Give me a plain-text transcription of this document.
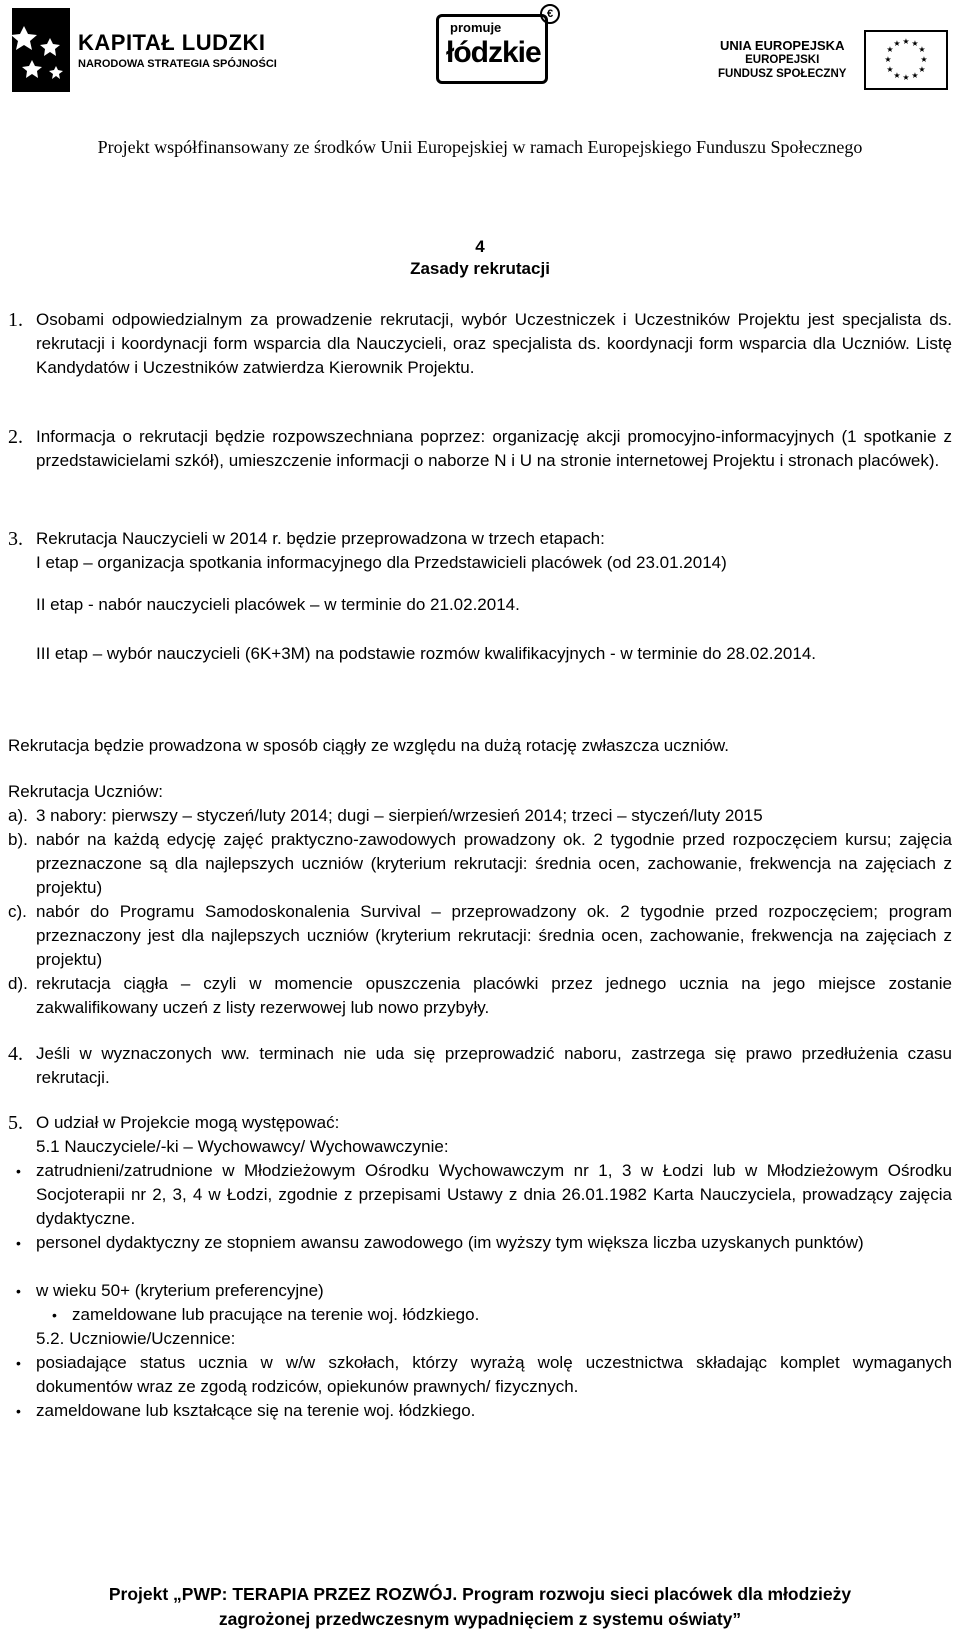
KAPITAŁ LUDZKI
NARODOWA STRATEGIA SPÓJNOŚCI
promuje
łódzkie
€
UNIA EUROPEJSKA
EUROPEJSKI
FUNDUSZ SPOŁECZNY
★ ★
★
★
★
★
★
★
★
★
★
★
Projekt współfinansowany ze środków Unii Europejskiej w ramach Europejskiego Funduszu Społecznego
4
Zasady rekrutacji
1. Osobami odpowiedzialnym za prowadzenie rekrutacji, wybór Uczestniczek i Uczestników Projektu jest specjalista ds. rekrutacji i koordynacji form wsparcia dla Nauczycieli, oraz specjalista ds. koordynacji form wsparcia dla Uczniów. Listę Kandydatów i Uczestników zatwierdza Kierownik Projektu.
2. Informacja o rekrutacji będzie rozpowszechniana poprzez: organizację akcji promocyjno-informacyjnych (1 spotkanie z przedstawicielami szkół), umieszczenie informacji o naborze N i U na stronie internetowej Projektu i stronach placówek).
3. Rekrutacja Nauczycieli w 2014 r. będzie przeprowadzona w trzech etapach:
I etap – organizacja spotkania informacyjnego dla Przedstawicieli placówek (od 23.01.2014)
II etap - nabór nauczycieli placówek – w terminie do 21.02.2014.
III etap – wybór nauczycieli (6K+3M) na podstawie rozmów kwalifikacyjnych - w terminie do 28.02.2014.
Rekrutacja będzie prowadzona w sposób ciągły ze względu na dużą rotację zwłaszcza uczniów.
Rekrutacja Uczniów:
a). 3 nabory: pierwszy – styczeń/luty 2014; dugi – sierpień/wrzesień 2014; trzeci – styczeń/luty 2015
b). nabór na każdą edycję zajęć praktyczno-zawodowych prowadzony ok. 2 tygodnie przed rozpoczęciem kursu; zajęcia przeznaczone są dla najlepszych uczniów (kryterium rekrutacji: średnia ocen, zachowanie, frekwencja na zajęciach z projektu)
c). nabór do Programu Samodoskonalenia Survival – przeprowadzony ok. 2 tygodnie przed rozpoczęciem; program przeznaczony jest dla najlepszych uczniów (kryterium rekrutacji: średnia ocen, zachowanie, frekwencja na zajęciach z projektu)
d). rekrutacja ciągła – czyli w momencie opuszczenia placówki przez jednego ucznia na jego miejsce zostanie zakwalifikowany uczeń z listy rezerwowej lub nowo przybyły.
4. Jeśli w wyznaczonych ww. terminach nie uda się przeprowadzić naboru, zastrzega się prawo przedłużenia czasu rekrutacji.
5. O udział w Projekcie mogą występować:
5.1 Nauczyciele/-ki – Wychowawcy/ Wychowawczynie:
• zatrudnieni/zatrudnione w Młodzieżowym Ośrodku Wychowawczym nr 1, 3 w Łodzi lub w Młodzieżowym Ośrodku Socjoterapii nr 2, 3, 4 w Łodzi, zgodnie z przepisami Ustawy z dnia 26.01.1982 Karta Nauczyciela, prowadzący zajęcia dydaktyczne.
• personel dydaktyczny ze stopniem awansu zawodowego (im wyższy tym większa liczba uzyskanych punktów)
• w wieku 50+ (kryterium preferencyjne)
• zameldowane lub pracujące na terenie woj. łódzkiego.
5.2. Uczniowie/Uczennice:
• posiadające status ucznia w w/w szkołach, którzy wyrażą wolę uczestnictwa składając komplet wymaganych dokumentów wraz ze zgodą rodziców, opiekunów prawnych/ fizycznych.
• zameldowane lub kształcące się na terenie woj. łódzkiego.
Projekt „PWP: TERAPIA PRZEZ ROZWÓJ. Program rozwoju sieci placówek dla młodzieży
zagrożonej przedwczesnym wypadnięciem z systemu oświaty”
